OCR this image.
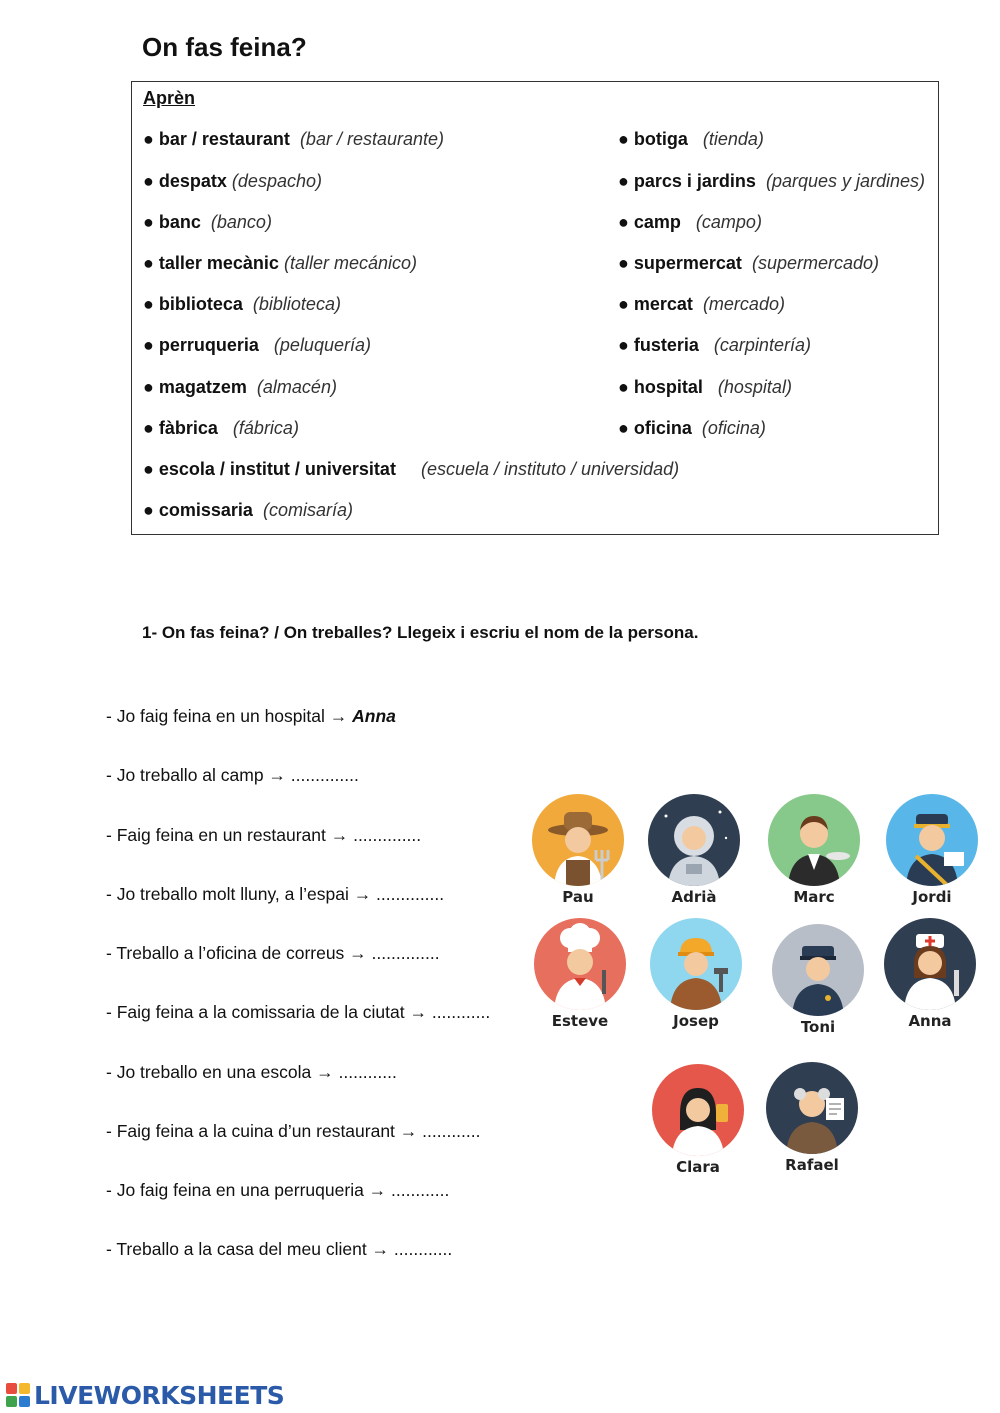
On fas feina?
Aprèn
● bar / restaurant (bar / restaurante)
● despatx (despacho)
● banc (banco)
● taller mecànic (taller mecánico)
● biblioteca (biblioteca)
● perruqueria (peluquería)
● magatzem (almacén)
● fàbrica (fábrica)
● escola / institut / universitat (escuela / instituto / universidad)
● comissaria (comisaría)
● botiga (tienda)
● parcs i jardins (parques y jardines)
● camp (campo)
● supermercat (supermercado)
● mercat (mercado)
● fusteria (carpintería)
● hospital (hospital)
● oficina (oficina)
1- On fas feina? / On treballes? Llegeix i escriu el nom de la persona.
- Jo faig feina en un hospital → Anna
- Jo treballo al camp → ..............
- Faig feina en un restaurant → ..............
- Jo treballo molt lluny, a l’espai → ..............
- Treballo a l’oficina de correus → ..............
- Faig feina a la comissaria de la ciutat → ............
- Jo treballo en una escola → ............
- Faig feina a la cuina d’un restaurant → ............
- Jo faig feina en una perruqueria → ............
- Treballo a la casa del meu client → ............
Pau	Adrià	Marc	Jordi
Esteve	Josep	Toni	Anna
Clara	Rafael
LIVEWORKSHEETS
